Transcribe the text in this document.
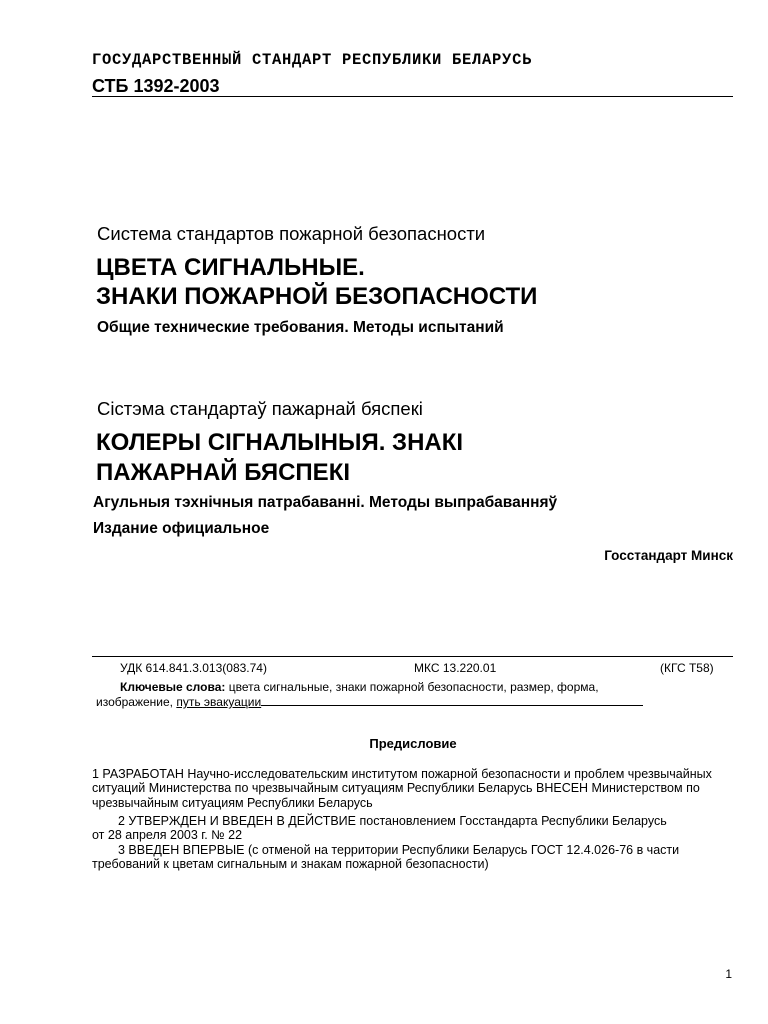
ГОСУДАРСТВЕННЫЙ СТАНДАРТ РЕСПУБЛИКИ БЕЛАРУСЬ
СТБ 1392-2003
Система стандартов пожарной безопасности
ЦВЕТА СИГНАЛЬНЫЕ.
ЗНАКИ ПОЖАРНОЙ БЕЗОПАСНОСТИ
Общие технические требования. Методы испытаний
Сістэма стандартаў пажарнай бяспекі
КОЛЕРЫ СІГНАЛЫНЫЯ. ЗНАКІ
ПАЖАРНАЙ БЯСПЕКІ
Агульныя тэхнічныя патрабаванні. Методы выпрабаванняў
Издание официальное
Госстандарт Минск
УДК 614.841.3.013(083.74)	МКС 13.220.01	(КГС Т58)
Ключевые слова: цвета сигнальные, знаки пожарной безопасности, размер, форма,
изображение, путь эвакуации
Предисловие
1 РАЗРАБОТАН Научно-исследовательским институтом пожарной безопасности и проблем чрезвычайных ситуаций Министерства по чрезвычайным ситуациям Республики Беларусь ВНЕСЕН Министерством по чрезвычайным ситуациям Республики Беларусь
2 УТВЕРЖДЕН И ВВЕДЕН В ДЕЙСТВИЕ постановлением Госстандарта Республики Беларусь
от 28 апреля 2003 г. № 22
3 ВВЕДЕН ВПЕРВЫЕ (с отменой на территории Республики Беларусь ГОСТ 12.4.026-76 в части требований к цветам сигнальным и знакам пожарной безопасности)
1
